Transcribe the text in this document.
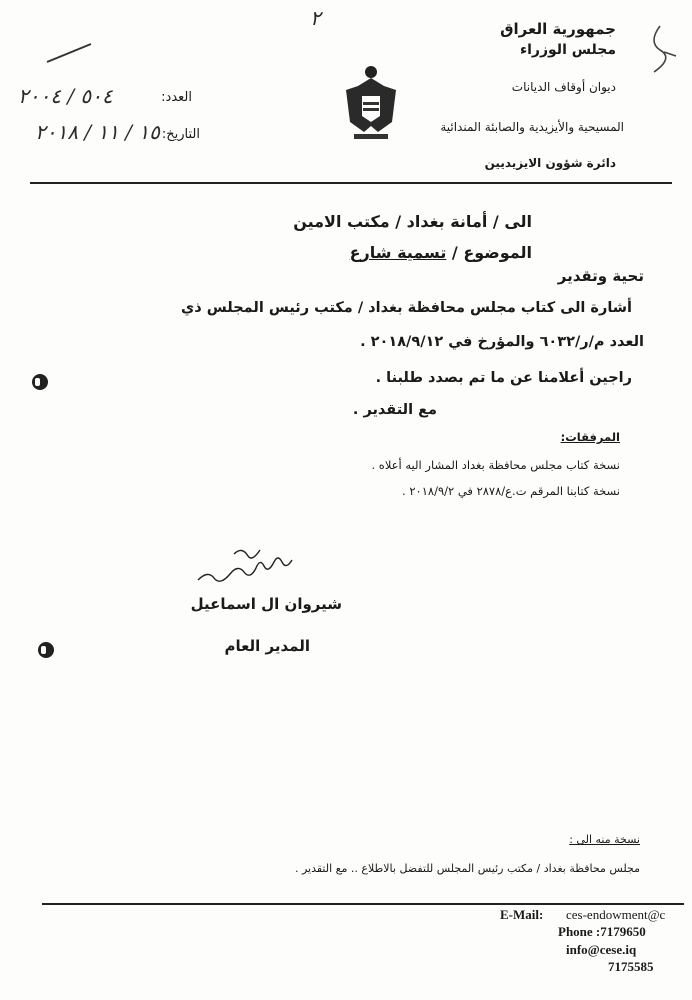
جمهورية العراق
مجلس الوزراء
ديوان أوقاف الديانات
المسيحية والأيزيدية والصابئة المندائية
دائرة شؤون الايزيديين
٢
العدد:
٥٠٤ / ٢٠٠٤
التاريخ:
١٥ / ١١ / ٢٠١٨
الى / أمانة بغداد / مكتب الامين
الموضوع / تسمية شارع
تحية وتقدير
أشارة الى كتاب مجلس محافظة بغداد / مكتب رئيس المجلس ذي
العدد م/ر/٦٠٣٢ والمؤرخ في ٢٠١٨/٩/١٢ .
راجين أعلامنا عن ما تم بصدد طلبنا .
مع التقدير .
المرفقات:
نسخة كتاب مجلس محافظة بغداد المشار اليه أعلاه .
نسخة كتابنا المرقم ت.ع/٢٨٧٨ في ٢٠١٨/٩/٢ .
شيروان ال اسماعيل
المدير العام
نسخة منه الى :
مجلس محافظة بغداد / مكتب رئيس المجلس للتفضل بالاطلاع .. مع التقدير .
E-Mail: ces-endowment@c
Phone :7179650
info@cese.iq
7175585
